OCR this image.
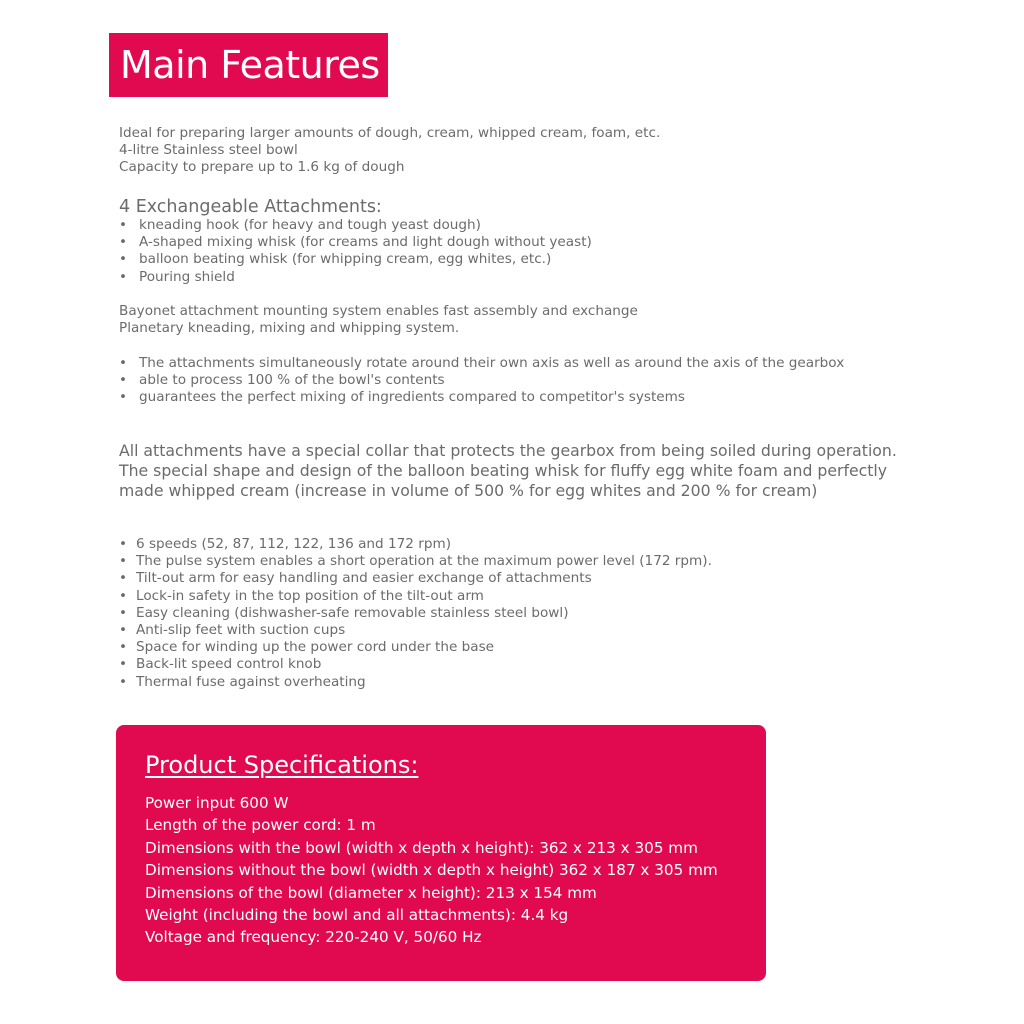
Main Features
Ideal for preparing larger amounts of dough, cream, whipped cream, foam, etc.
4-litre Stainless steel bowl
Capacity to prepare up to 1.6 kg of dough
4 Exchangeable Attachments:
• kneading hook (for heavy and tough yeast dough)
• A-shaped mixing whisk (for creams and light dough without yeast)
• balloon beating whisk (for whipping cream, egg whites, etc.)
• Pouring shield
Bayonet attachment mounting system enables fast assembly and exchange
Planetary kneading, mixing and whipping system.
• The attachments simultaneously rotate around their own axis as well as around the axis of the gearbox
• able to process 100 % of the bowl's contents
• guarantees the perfect mixing of ingredients compared to competitor's systems
All attachments have a special collar that protects the gearbox from being soiled during operation.
The special shape and design of the balloon beating whisk for fluffy egg white foam and perfectly
made whipped cream (increase in volume of 500 % for egg whites and 200 % for cream)
• 6 speeds (52, 87, 112, 122, 136 and 172 rpm)
• The pulse system enables a short operation at the maximum power level (172 rpm).
• Tilt-out arm for easy handling and easier exchange of attachments
• Lock-in safety in the top position of the tilt-out arm
• Easy cleaning (dishwasher-safe removable stainless steel bowl)
• Anti-slip feet with suction cups
• Space for winding up the power cord under the base
• Back-lit speed control knob
• Thermal fuse against overheating
Product Specifications:
Power input 600 W
Length of the power cord: 1 m
Dimensions with the bowl (width x depth x height): 362 x 213 x 305 mm
Dimensions without the bowl (width x depth x height) 362 x 187 x 305 mm
Dimensions of the bowl (diameter x height): 213 x 154 mm
Weight (including the bowl and all attachments): 4.4 kg
Voltage and frequency: 220-240 V, 50/60 Hz
